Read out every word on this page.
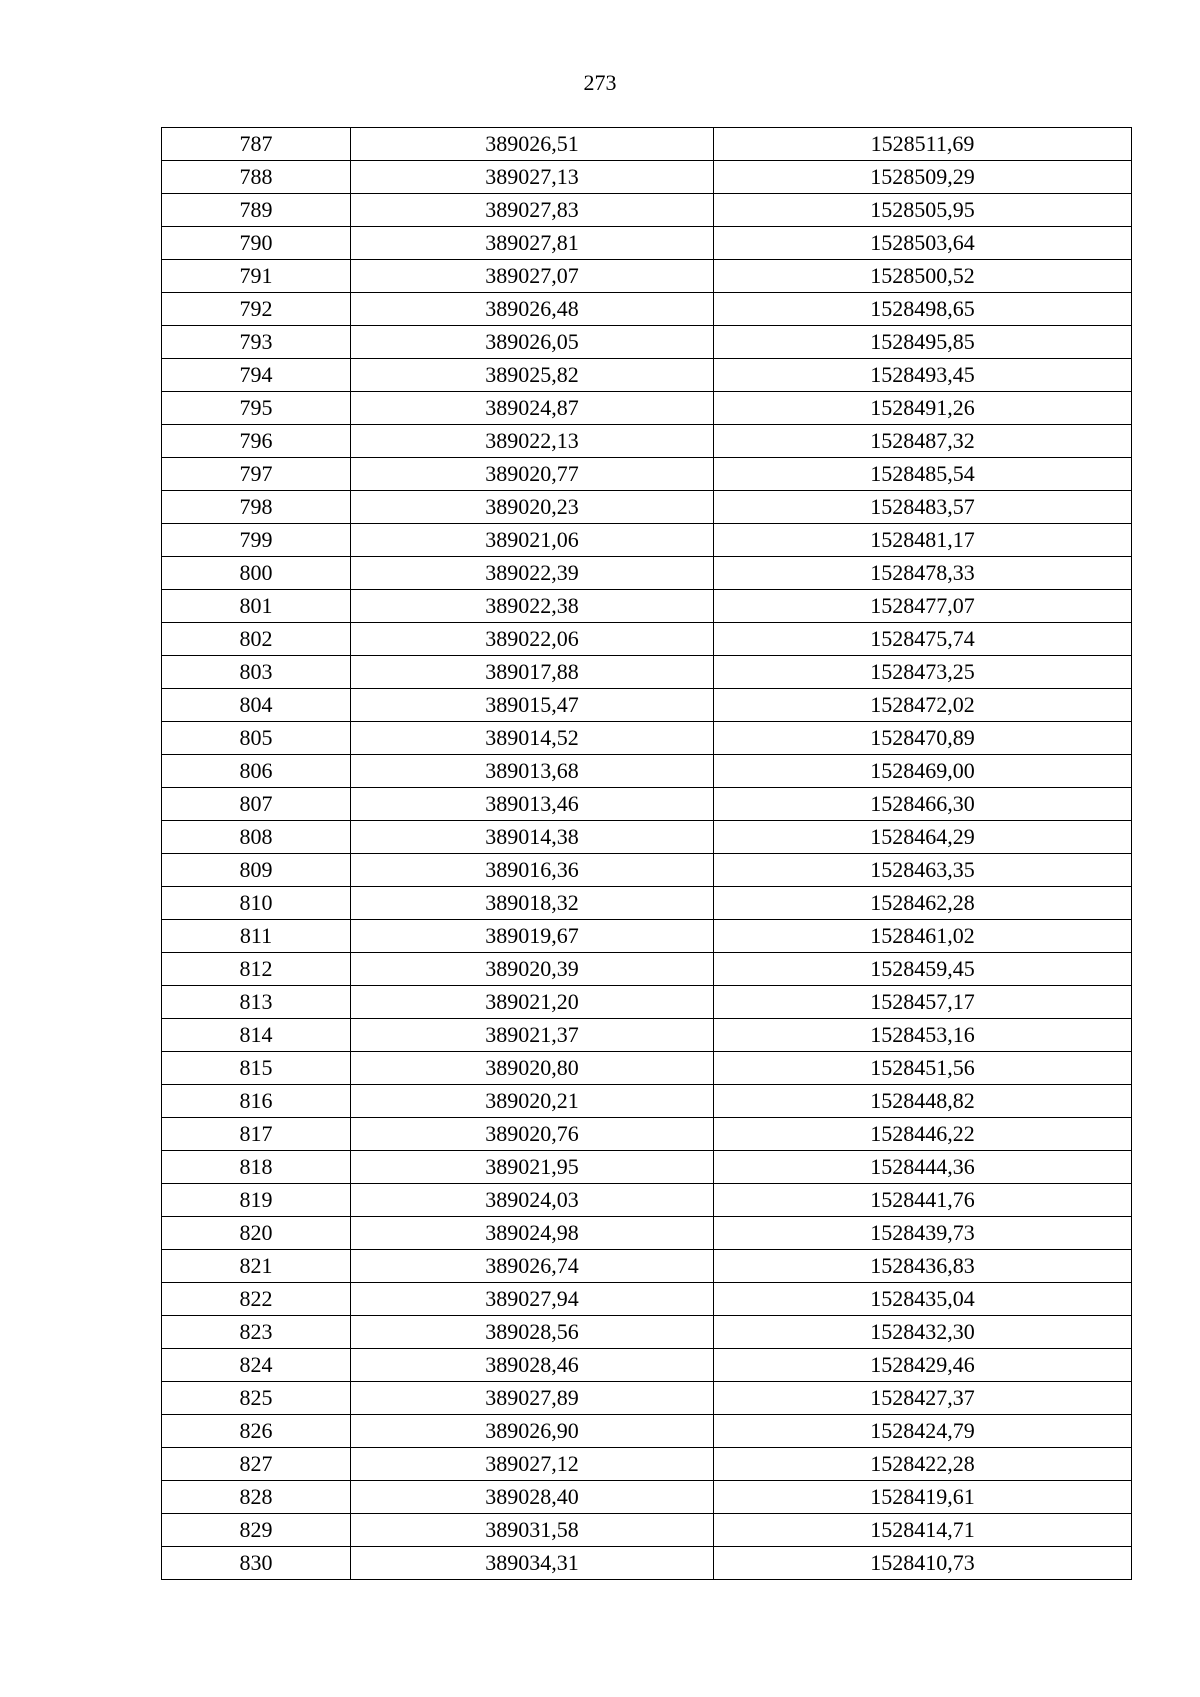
273
787	389026,51	1528511,69
788	389027,13	1528509,29
789	389027,83	1528505,95
790	389027,81	1528503,64
791	389027,07	1528500,52
792	389026,48	1528498,65
793	389026,05	1528495,85
794	389025,82	1528493,45
795	389024,87	1528491,26
796	389022,13	1528487,32
797	389020,77	1528485,54
798	389020,23	1528483,57
799	389021,06	1528481,17
800	389022,39	1528478,33
801	389022,38	1528477,07
802	389022,06	1528475,74
803	389017,88	1528473,25
804	389015,47	1528472,02
805	389014,52	1528470,89
806	389013,68	1528469,00
807	389013,46	1528466,30
808	389014,38	1528464,29
809	389016,36	1528463,35
810	389018,32	1528462,28
811	389019,67	1528461,02
812	389020,39	1528459,45
813	389021,20	1528457,17
814	389021,37	1528453,16
815	389020,80	1528451,56
816	389020,21	1528448,82
817	389020,76	1528446,22
818	389021,95	1528444,36
819	389024,03	1528441,76
820	389024,98	1528439,73
821	389026,74	1528436,83
822	389027,94	1528435,04
823	389028,56	1528432,30
824	389028,46	1528429,46
825	389027,89	1528427,37
826	389026,90	1528424,79
827	389027,12	1528422,28
828	389028,40	1528419,61
829	389031,58	1528414,71
830	389034,31	1528410,73
